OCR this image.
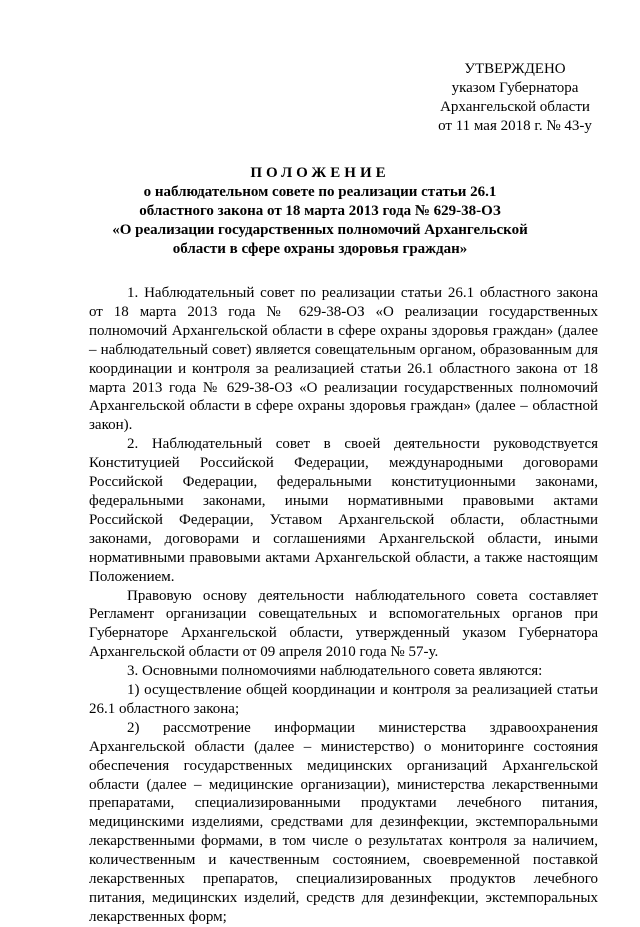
УТВЕРЖДЕНО
указом Губернатора
Архангельской области
от 11 мая 2018 г. № 43-у
ПОЛОЖЕНИЕ
о наблюдательном совете по реализации статьи 26.1
областного закона от 18 марта 2013 года № 629-38-ОЗ
«О реализации государственных полномочий Архангельской
области в сфере охраны здоровья граждан»

1. Наблюдательный совет по реализации статьи 26.1 областного закона от 18 марта 2013 года № 629-38-ОЗ «О реализации государственных полномочий Архангельской области в сфере охраны здоровья граждан» (далее – наблюдательный совет) является совещательным органом, образованным для координации и контроля за реализацией статьи 26.1 областного закона от 18 марта 2013 года № 629-38-ОЗ «О реализации государственных полномочий Архангельской области в сфере охраны здоровья граждан» (далее – областной закон).

2. Наблюдательный совет в своей деятельности руководствуется Конституцией Российской Федерации, международными договорами Российской Федерации, федеральными конституционными законами, федеральными законами, иными нормативными правовыми актами Российской Федерации, Уставом Архангельской области, областными законами, договорами и соглашениями Архангельской области, иными нормативными правовыми актами Архангельской области, а также настоящим Положением.

Правовую основу деятельности наблюдательного совета составляет Регламент организации совещательных и вспомогательных органов при Губернаторе Архангельской области, утвержденный указом Губернатора Архангельской области от 09 апреля 2010 года № 57-у.

3. Основными полномочиями наблюдательного совета являются:

1) осуществление общей координации и контроля за реализацией статьи 26.1 областного закона;

2) рассмотрение информации министерства здравоохранения Архангельской области (далее – министерство) о мониторинге состояния обеспечения государственных медицинских организаций Архангельской области (далее – медицинские организации), министерства лекарственными препаратами, специализированными продуктами лечебного питания, медицинскими изделиями, средствами для дезинфекции, экстемпоральными лекарственными формами, в том числе о результатах контроля за наличием, количественным и качественным состоянием, своевременной поставкой лекарственных препаратов, специализированных продуктов лечебного питания, медицинских изделий, средств для дезинфекции, экстемпоральных лекарственных форм;
